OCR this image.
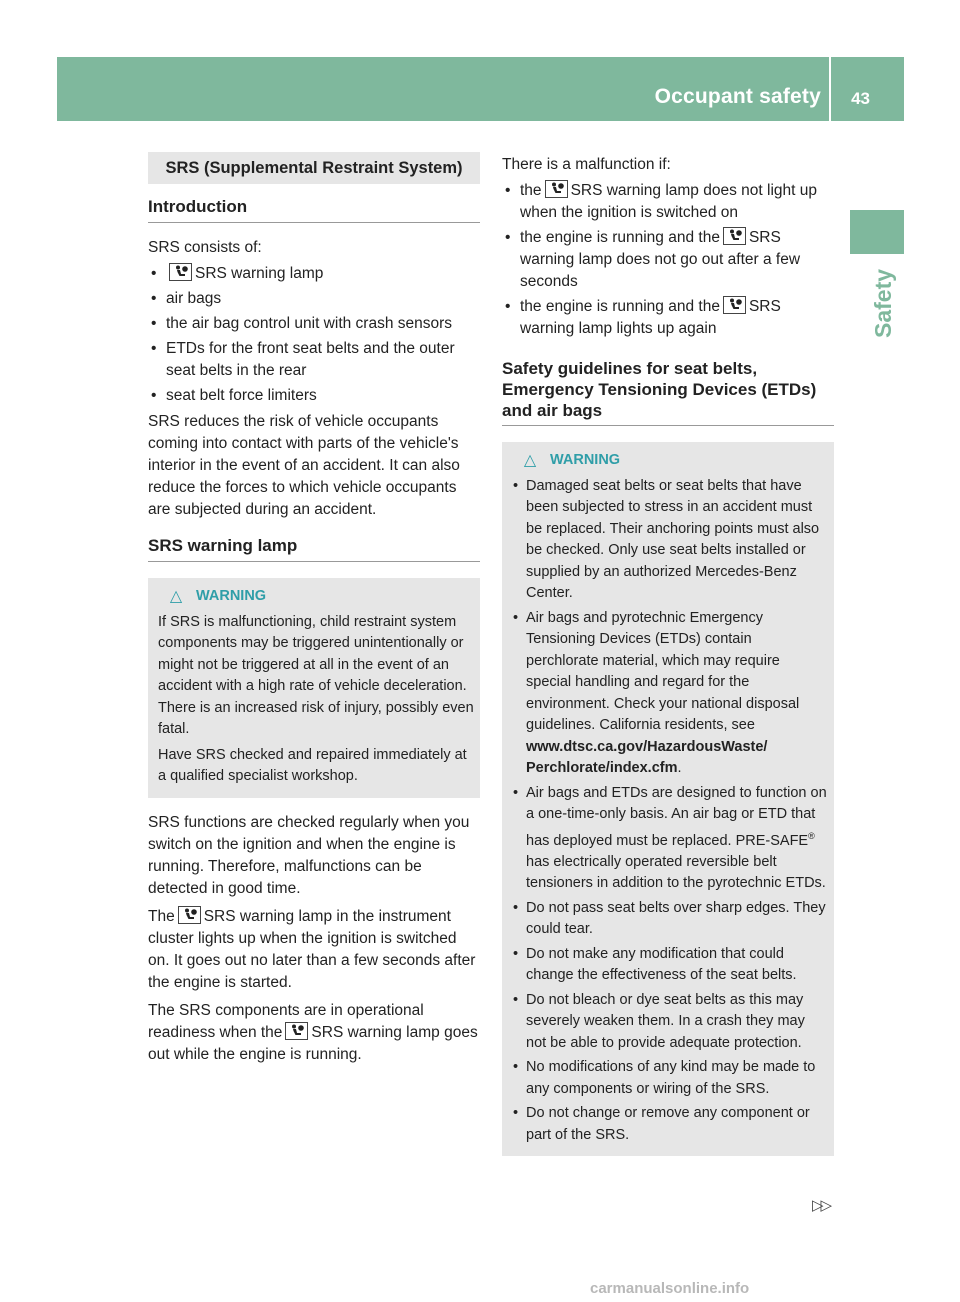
Occupant safety 43
Safety
SRS (Supplemental Restraint System)
Introduction
SRS consists of:
• SRS warning lamp
• air bags
• the air bag control unit with crash sensors
• ETDs for the front seat belts and the outer seat belts in the rear
• seat belt force limiters
SRS reduces the risk of vehicle occupants coming into contact with parts of the vehicle's interior in the event of an accident. It can also reduce the forces to which vehicle occupants are subjected during an accident.
SRS warning lamp
△ WARNING
If SRS is malfunctioning, child restraint system components may be triggered unintentionally or might not be triggered at all in the event of an accident with a high rate of vehicle deceleration. There is an increased risk of injury, possibly even fatal.
Have SRS checked and repaired immediately at a qualified specialist workshop.
SRS functions are checked regularly when you switch on the ignition and when the engine is running. Therefore, malfunctions can be detected in good time.
The SRS warning lamp in the instrument cluster lights up when the ignition is switched on. It goes out no later than a few seconds after the engine is started.
The SRS components are in operational readiness when the SRS warning lamp goes out while the engine is running.
There is a malfunction if:
• the SRS warning lamp does not light up when the ignition is switched on
• the engine is running and the SRS warning lamp does not go out after a few seconds
• the engine is running and the SRS warning lamp lights up again
Safety guidelines for seat belts, Emergency Tensioning Devices (ETDs) and air bags
△ WARNING
• Damaged seat belts or seat belts that have been subjected to stress in an accident must be replaced. Their anchoring points must also be checked. Only use seat belts installed or supplied by an authorized Mercedes-Benz Center.
• Air bags and pyrotechnic Emergency Tensioning Devices (ETDs) contain perchlorate material, which may require special handling and regard for the environment. Check your national disposal guidelines. California residents, see www.dtsc.ca.gov/HazardousWaste/ Perchlorate/index.cfm.
• Air bags and ETDs are designed to function on a one-time-only basis. An air bag or ETD that has deployed must be replaced. PRE-SAFE® has electrically operated reversible belt tensioners in addition to the pyrotechnic ETDs.
• Do not pass seat belts over sharp edges. They could tear.
• Do not make any modification that could change the effectiveness of the seat belts.
• Do not bleach or dye seat belts as this may severely weaken them. In a crash they may not be able to provide adequate protection.
• No modifications of any kind may be made to any components or wiring of the SRS.
• Do not change or remove any component or part of the SRS.
▷▷
carmanualsonline.info
